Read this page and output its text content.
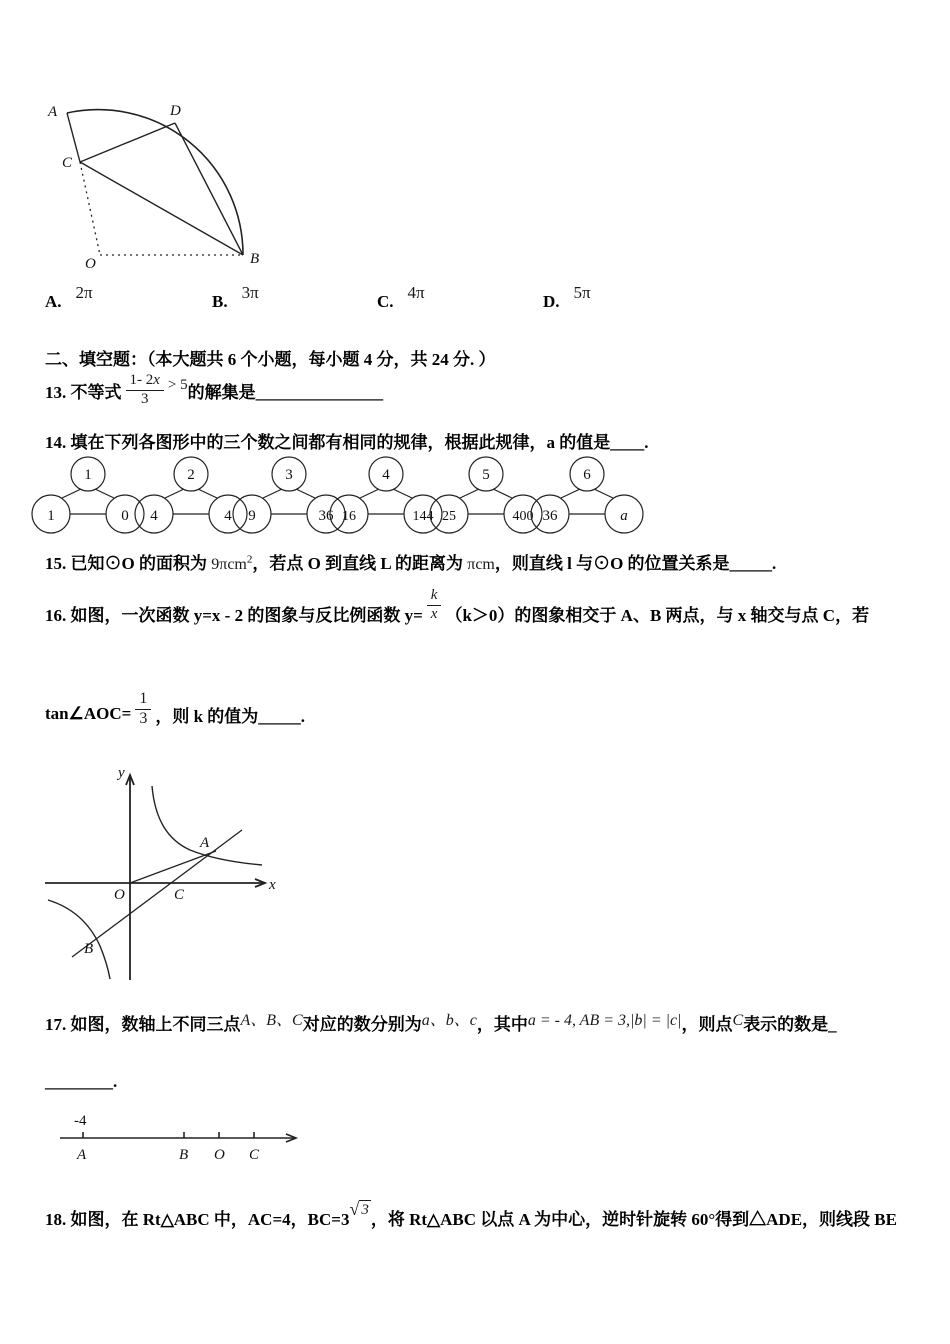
A	D
C
O	B
A. 2π	B. 3π	C. 4π	D. 5π
二、填空题：（本大题共 6 个小题，每小题 4 分，共 24 分. ）
13. 不等式 $\frac{1- 2x}{3} > 5$ 的解集是_______________
14. 填在下列各图形中的三个数之间都有相同的规律，根据此规律，a 的值是____.
1
1	0
2
4	4
3
9	36
4
16	144
5
25	400
6
36	a
15. 已知⊙O 的面积为 9πcm$^2$，若点 O 到直线 L 的距离为 πcm，则直线 l 与⊙O 的位置关系是_____.
16. 如图，一次函数 y=x - 2 的图象与反比例函数 $y= \frac{k}{x} (k>0)$的图象相交于 A、B 两点，与 x 轴交与点 C，若
tan∠AOC= $\frac{1}{3}$ ，则 k 的值为_____.
y
x
O
A
B
C
17. 如图，数轴上不同三点A、B、C对应的数分别为a、b、c，其中a = - 4, AB = 3,|b| = |c|，则点C表示的数是_
________.
-4
A	B O C
18. 如图，在 Rt△ABC 中，AC=4，BC=3
√ 3 ，将 Rt△ABC 以点 A 为中心，逆时针旋转 60°得到△ADE，则线段 BE
